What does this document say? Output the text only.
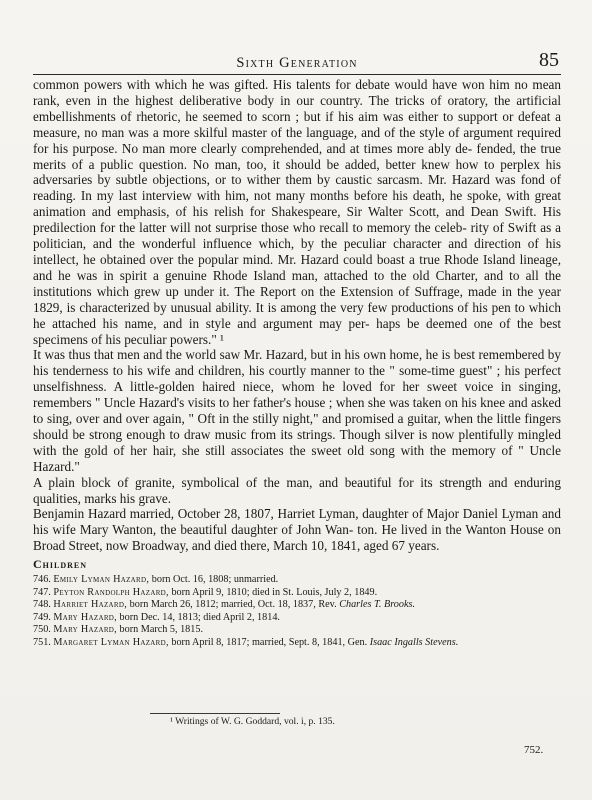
Sixth Generation	85

common powers with which he was gifted. His talents for debate would have won him no mean rank, even in the highest deliberative body in our country. The tricks of oratory, the artificial embellishments of rhetoric, he seemed to scorn ; but if his aim was either to support or defeat a measure, no man was a more skilful master of the language, and of the style of argument required for his purpose. No man more clearly comprehended, and at times more ably de- fended, the true merits of a public question. No man, too, it should be added, better knew how to perplex his adversaries by subtle objections, or to wither them by caustic sarcasm. Mr. Hazard was fond of reading. In my last interview with him, not many months before his death, he spoke, with great animation and emphasis, of his relish for Shakespeare, Sir Walter Scott, and Dean Swift. His predilection for the latter will not surprise those who recall to memory the celeb- rity of Swift as a politician, and the wonderful influence which, by the peculiar character and direction of his intellect, he obtained over the popular mind. Mr. Hazard could boast a true Rhode Island lineage, and he was in spirit a genuine Rhode Island man, attached to the old Charter, and to all the institutions which grew up under it. The Report on the Extension of Suffrage, made in the year 1829, is characterized by unusual ability. It is among the very few productions of his pen to which he attached his name, and in style and argument may per- haps be deemed one of the best specimens of his peculiar powers." ¹

It was thus that men and the world saw Mr. Hazard, but in his own home, he is best remembered by his tenderness to his wife and children, his courtly manner to the " some-time guest" ; his perfect unselfishness. A little-golden haired niece, whom he loved for her sweet voice in singing, remembers " Uncle Hazard's visits to her father's house ; when she was taken on his knee and asked to sing, over and over again, " Oft in the stilly night," and promised a guitar, when the little fingers should be strong enough to draw music from its strings. Though silver is now plentifully mingled with the gold of her hair, she still associates the sweet old song with the memory of " Uncle Hazard."

A plain block of granite, symbolical of the man, and beautiful for its strength and enduring qualities, marks his grave.

Benjamin Hazard married, October 28, 1807, Harriet Lyman, daughter of Major Daniel Lyman and his wife Mary Wanton, the beautiful daughter of John Wan- ton. He lived in the Wanton House on Broad Street, now Broadway, and died there, March 10, 1841, aged 67 years.

Children
746. Emily Lyman Hazard, born Oct. 16, 1808; unmarried.
747. Peyton Randolph Hazard, born April 9, 1810; died in St. Louis, July 2, 1849.
748. Harriet Hazard, born March 26, 1812; married, Oct. 18, 1837, Rev. Charles T. Brooks.
749. Mary Hazard, born Dec. 14, 1813; died April 2, 1814.
750. Mary Hazard, born March 5, 1815.
751. Margaret Lyman Hazard, born April 8, 1817; married, Sept. 8, 1841, Gen. Isaac Ingalls Stevens.
¹ Writings of W. G. Goddard, vol. i, p. 135.
752.
